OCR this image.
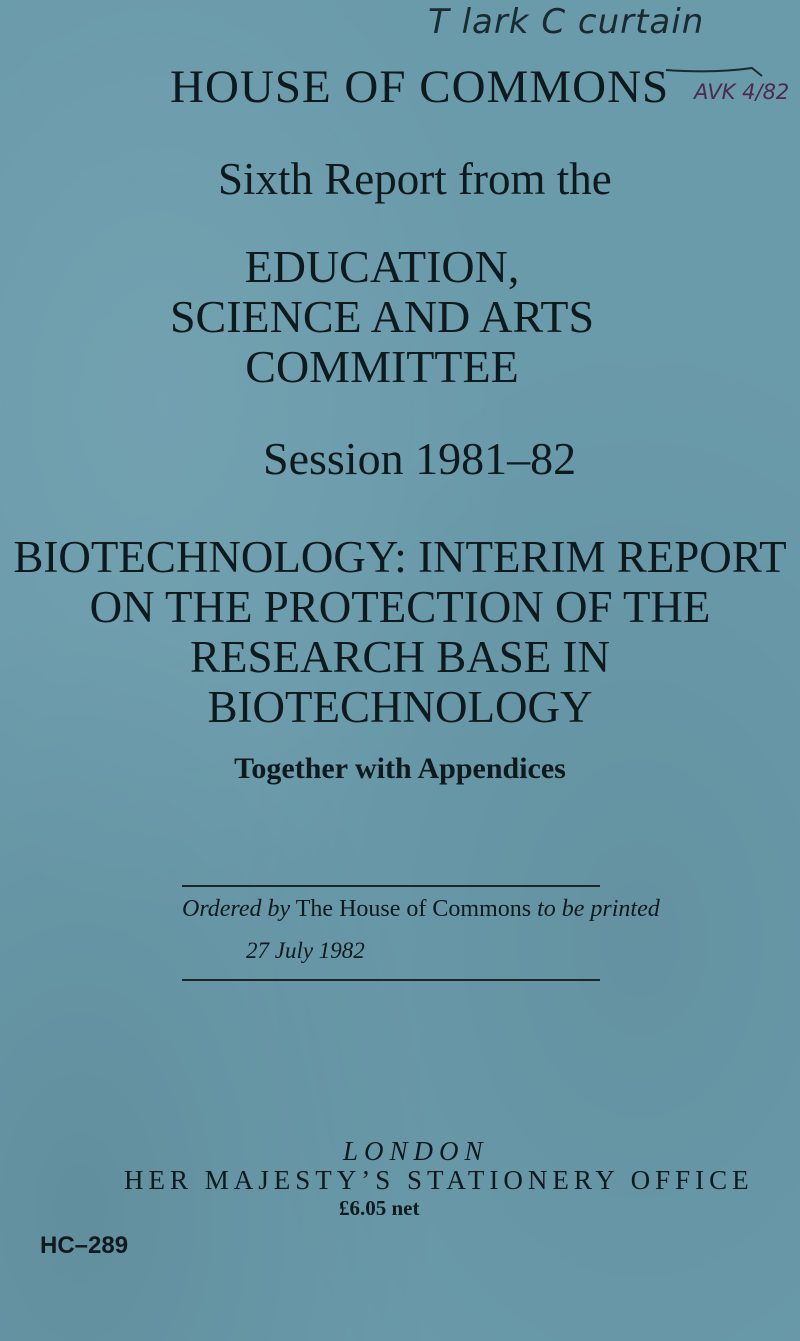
T lark C curtain
AVK 4/82
HOUSE OF COMMONS
Sixth Report from the
EDUCATION,
SCIENCE AND ARTS
COMMITTEE
Session 1981–82
BIOTECHNOLOGY: INTERIM REPORT
ON THE PROTECTION OF THE
RESEARCH BASE IN
BIOTECHNOLOGY
Together with Appendices
Ordered by The House of Commons to be printed
27 July 1982
LONDON
HER MAJESTY’S STATIONERY OFFICE
£6.05 net
HC–289
